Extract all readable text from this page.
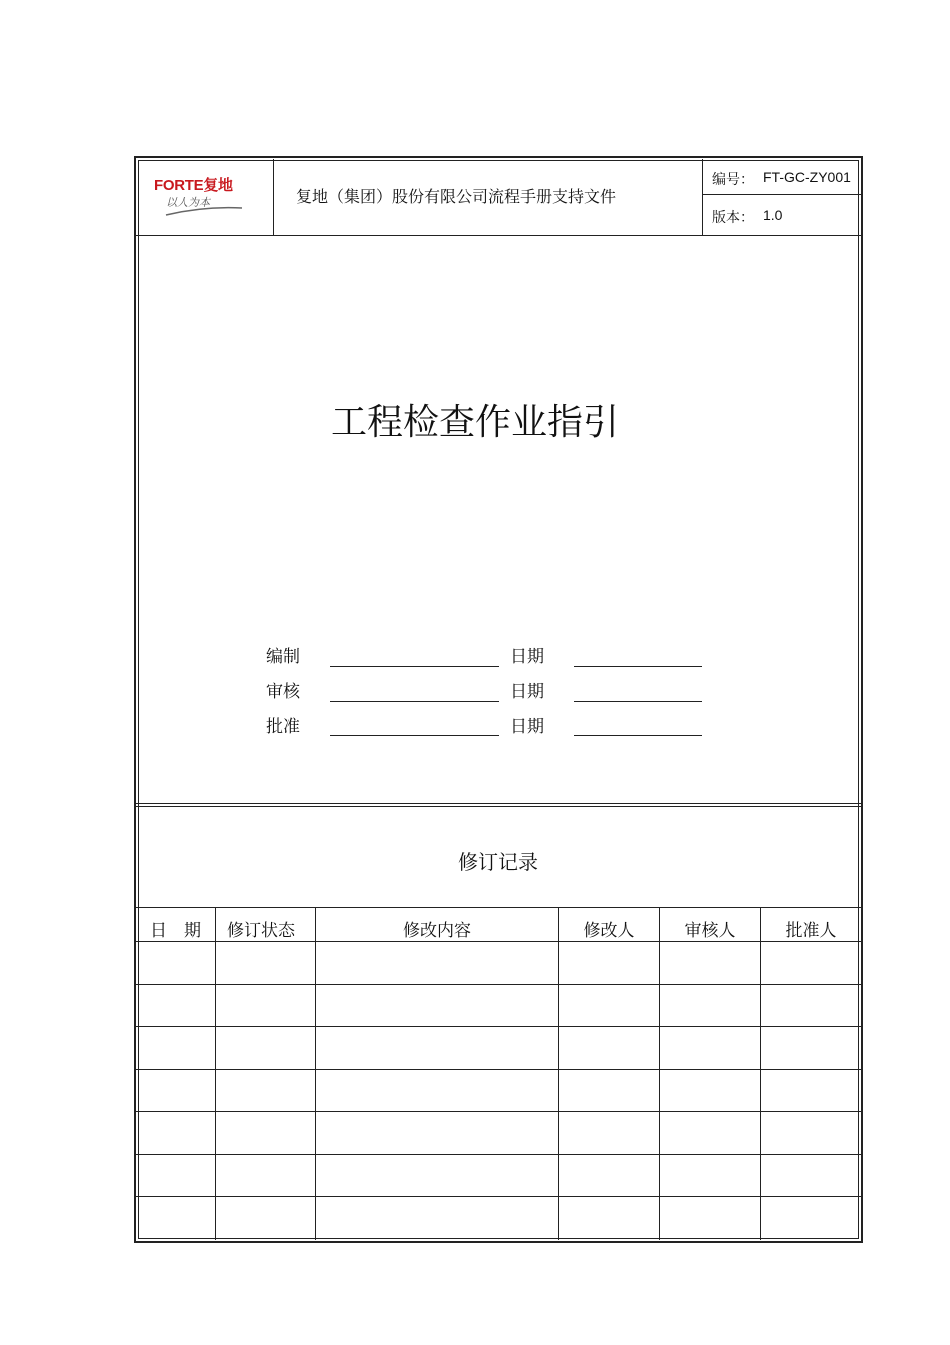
FORTE复地
以人为本	复地（集团）股份有限公司流程手册支持文件
编号： FT-GC-ZY001
版本： 1.0
工程检查作业指引
编制	日期
审核	日期
批准	日期
修订记录
日　期	修订状态	修改内容	修改人	审核人	批准人
